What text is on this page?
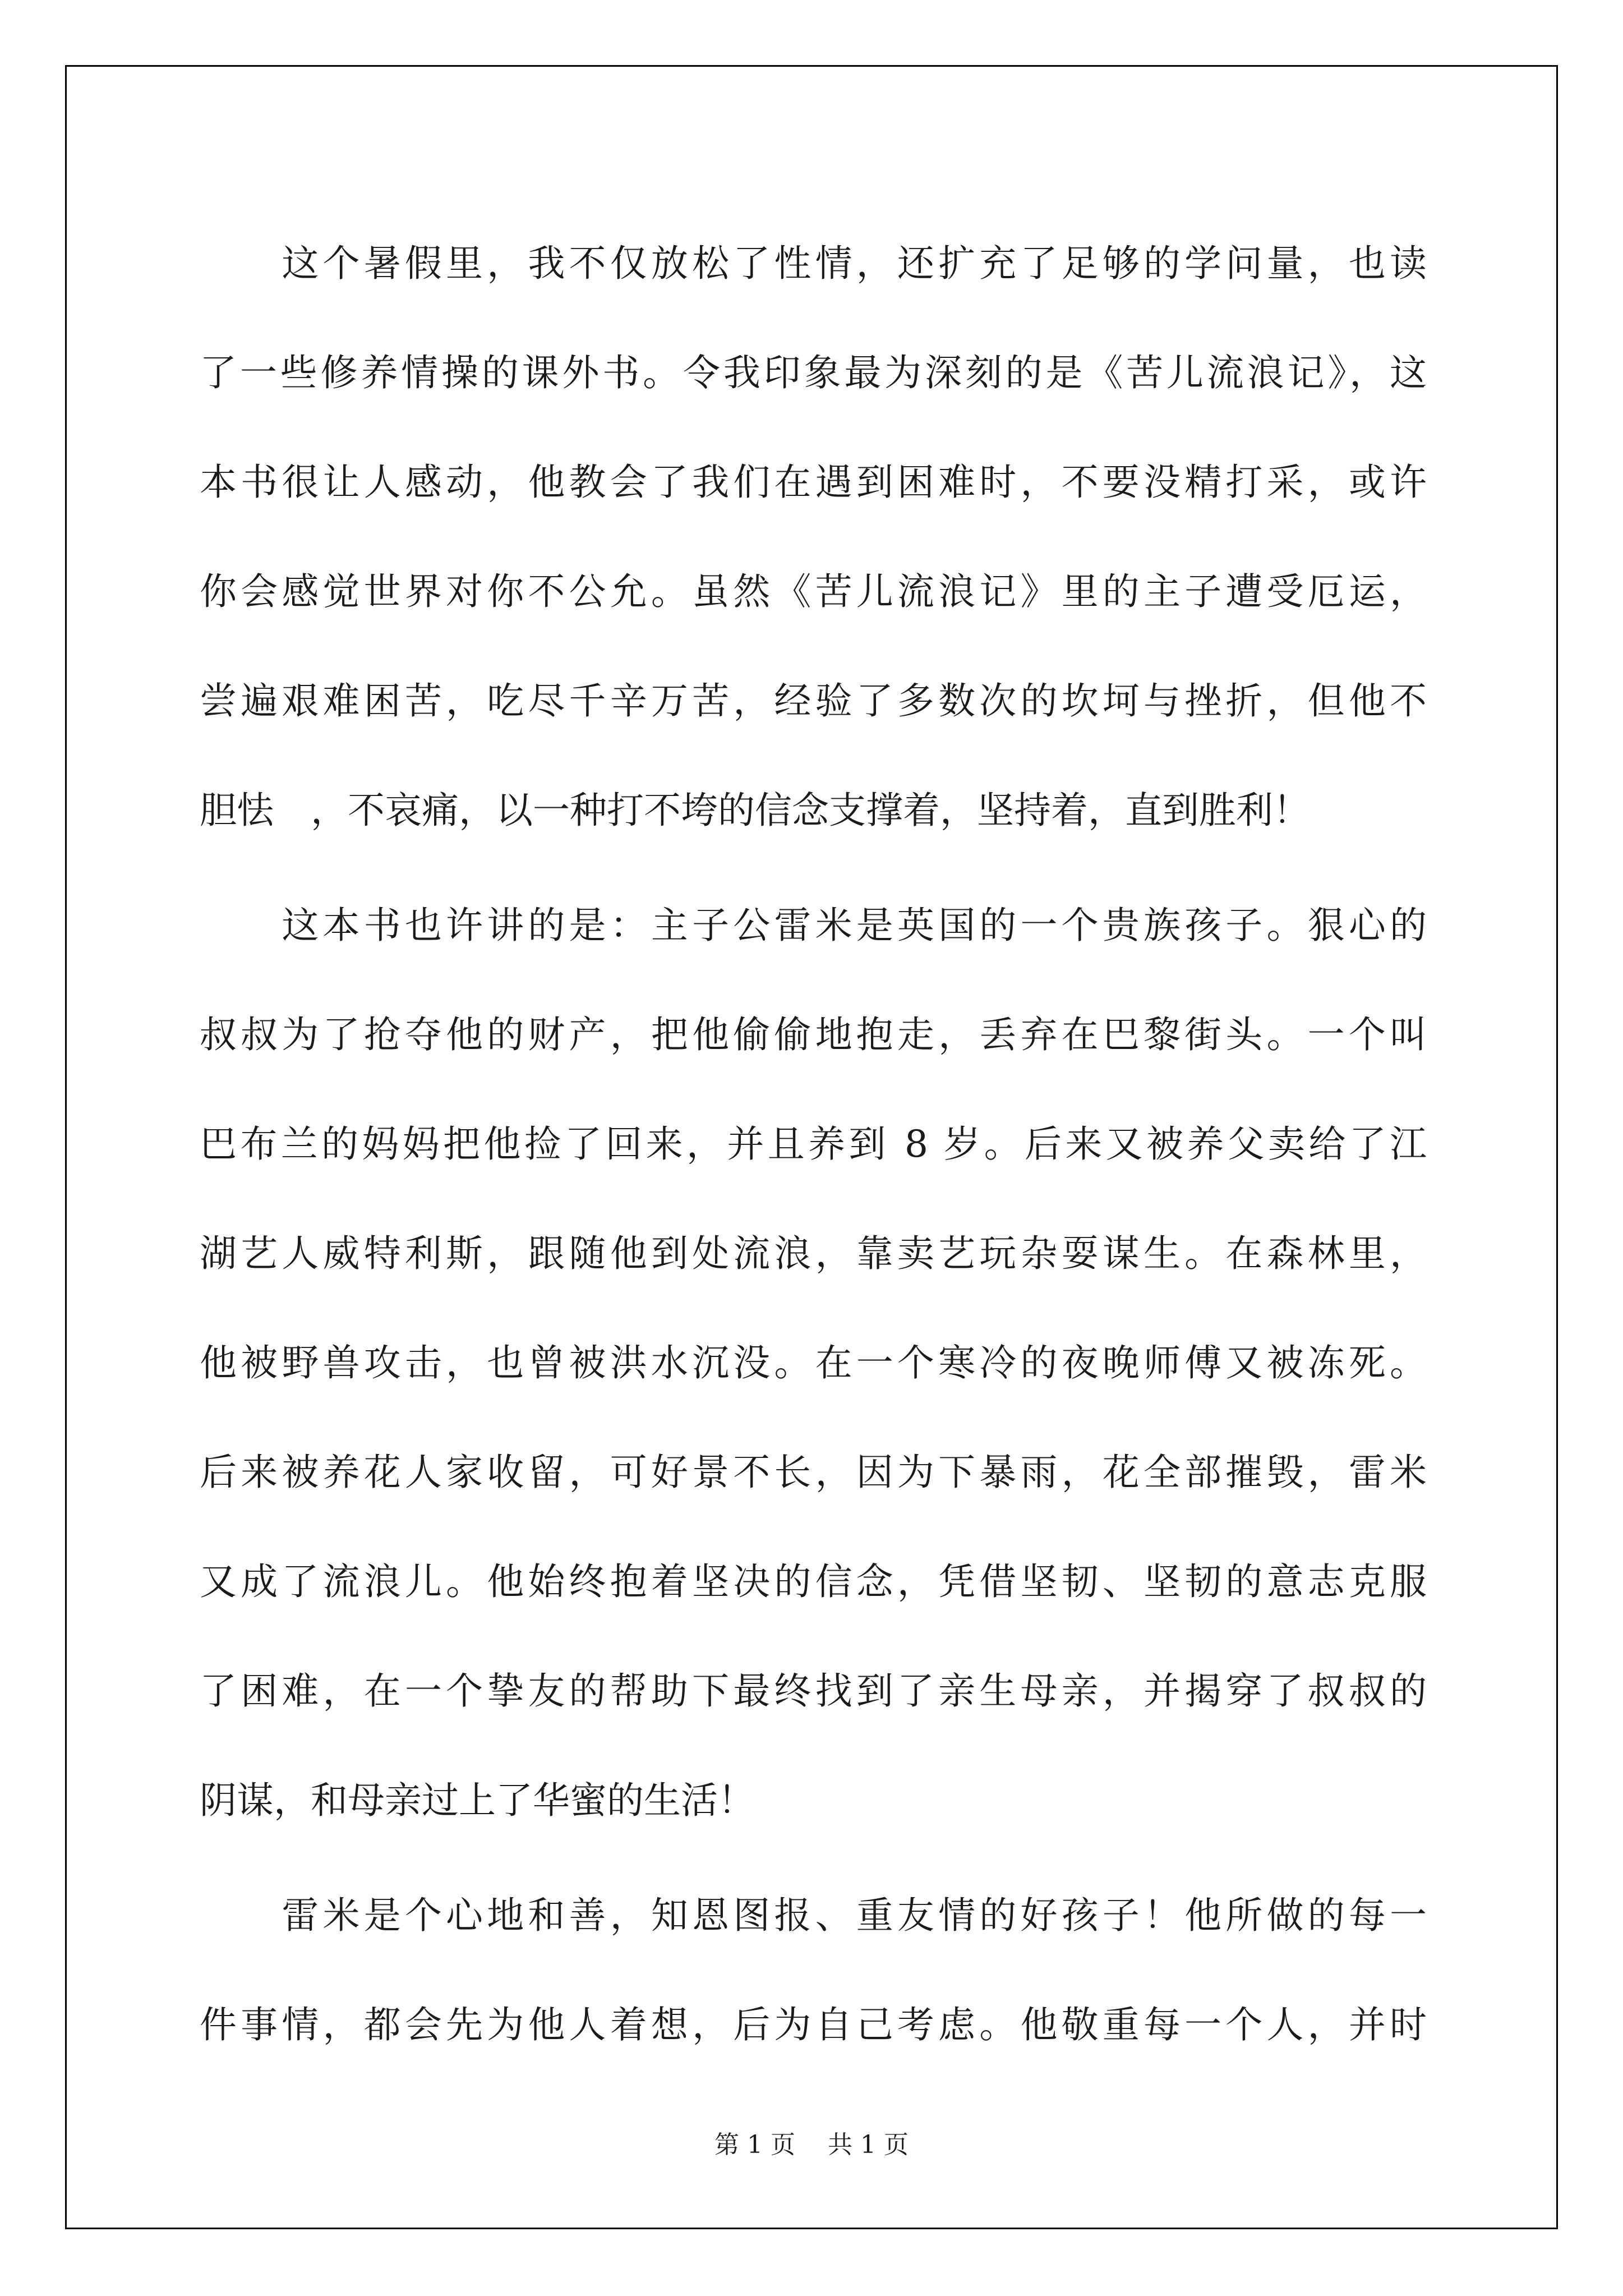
　　这个暑假里，我不仅放松了性情，还扩充了足够的学问量，也读
了一些修养情操的课外书。令我印象最为深刻的是《苦儿流浪记》，这
本书很让人感动，他教会了我们在遇到困难时，不要没精打采，或许
你会感觉世界对你不公允。虽然《苦儿流浪记》里的主子遭受厄运，
尝遍艰难困苦，吃尽千辛万苦，经验了多数次的坎坷与挫折，但他不
胆怯　，不哀痛，以一种打不垮的信念支撑着，坚持着，直到胜利！
　　这本书也许讲的是：主子公雷米是英国的一个贵族孩子。狠心的
叔叔为了抢夺他的财产，把他偷偷地抱走，丢弃在巴黎街头。一个叫
巴布兰的妈妈把他捡了回来，并且养到 8 岁。后来又被养父卖给了江
湖艺人威特利斯，跟随他到处流浪，靠卖艺玩杂耍谋生。在森林里，
他被野兽攻击，也曾被洪水沉没。在一个寒冷的夜晚师傅又被冻死。
后来被养花人家收留，可好景不长，因为下暴雨，花全部摧毁，雷米
又成了流浪儿。他始终抱着坚决的信念，凭借坚韧、坚韧的意志克服
了困难，在一个挚友的帮助下最终找到了亲生母亲，并揭穿了叔叔的
阴谋，和母亲过上了华蜜的生活！
　　雷米是个心地和善，知恩图报、重友情的好孩子！他所做的每一
件事情，都会先为他人着想，后为自己考虑。他敬重每一个人，并时
第 1 页　 共 1 页
